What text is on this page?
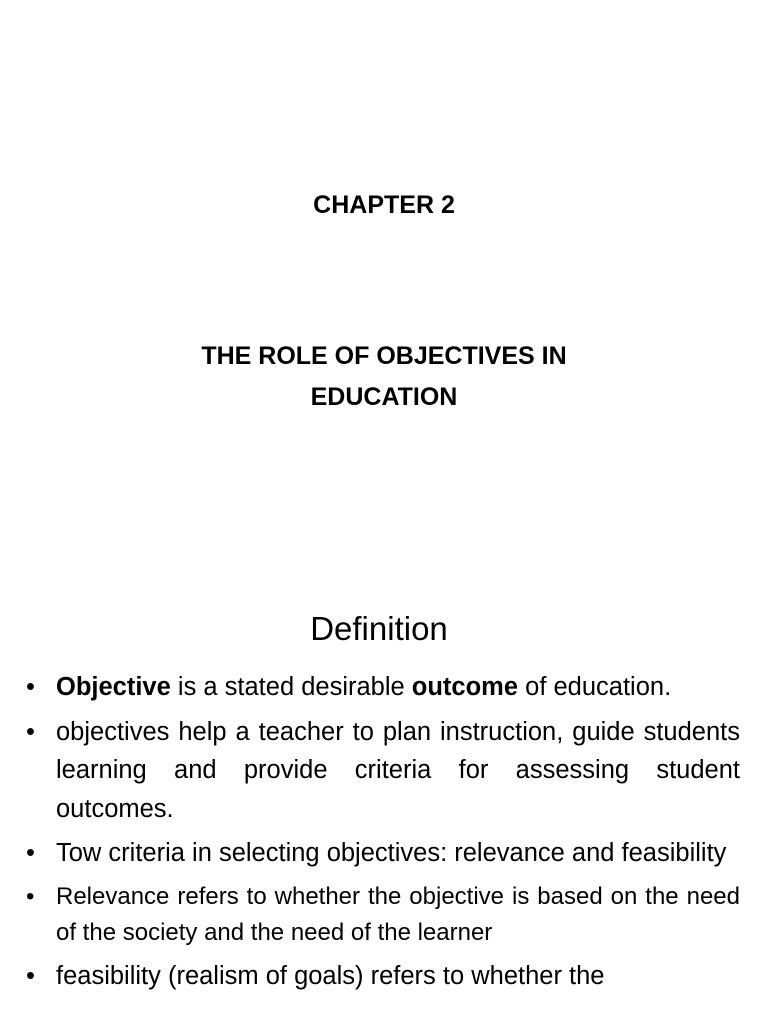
CHAPTER 2
THE ROLE OF OBJECTIVES IN EDUCATION
Definition
• Objective is a stated desirable outcome of education.
• objectives help a teacher to plan instruction, guide students learning and provide criteria for assessing student outcomes.
• Tow criteria in selecting objectives: relevance and feasibility
• Relevance refers to whether the objective is based on the need of the society and the need of the learner
• feasibility (realism of goals) refers to whether the
